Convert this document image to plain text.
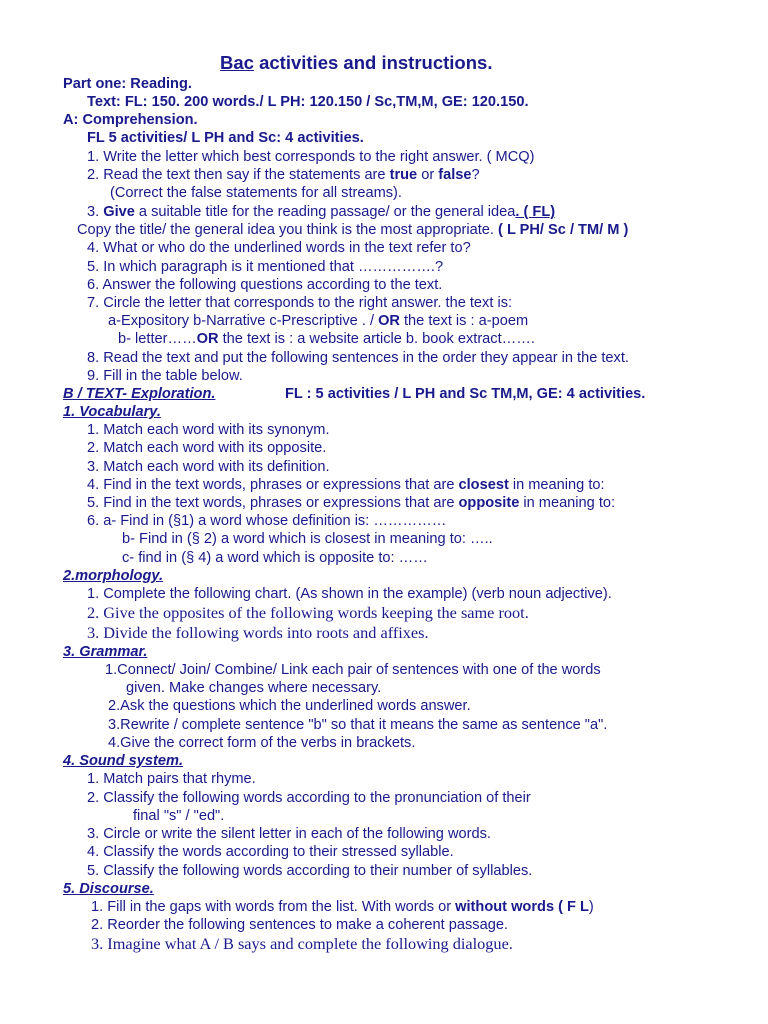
Bac activities and instructions.
Part one: Reading.
Text: FL: 150. 200 words./ L PH: 120.150 / Sc,TM,M, GE: 120.150.
A: Comprehension.
FL 5 activities/ L PH and Sc: 4 activities.
1. Write the letter which best corresponds to the right answer. ( MCQ)
2. Read the text then say if the statements are true or false?
(Correct the false statements for all streams).
3. Give a suitable title for the reading passage/ or the general idea. ( FL)
Copy the title/ the general idea you think is the most appropriate. ( L PH/ Sc / TM/ M )
4. What or who do the underlined words in the text refer to?
5. In which paragraph is it mentioned that …………….?
6. Answer the following questions according to the text.
7. Circle the letter that corresponds to the right answer. the text is:
a-Expository b-Narrative c-Prescriptive . / OR the text is : a-poem
b- letter……OR the text is : a website article b. book extract…….
8. Read the text and put the following sentences in the order they appear in the text.
9. Fill in the table below.
B / TEXT- Exploration.	FL : 5 activities / L PH and Sc TM,M, GE: 4 activities.
1. Vocabulary.
1. Match each word with its synonym.
2. Match each word with its opposite.
3. Match each word with its definition.
4. Find in the text words, phrases or expressions that are closest in meaning to:
5. Find in the text words, phrases or expressions that are opposite in meaning to:
6. a- Find in (§1) a word whose definition is: ……………
b- Find in (§ 2) a word which is closest in meaning to: …..
c- find in (§ 4) a word which is opposite to: ……
2.morphology.
1. Complete the following chart. (As shown in the example) (verb noun adjective).
2. Give the opposites of the following words keeping the same root.
3. Divide the following words into roots and affixes.
3. Grammar.
1.Connect/ Join/ Combine/ Link each pair of sentences with one of the words
given. Make changes where necessary.
2.Ask the questions which the underlined words answer.
3.Rewrite / complete sentence "b" so that it means the same as sentence "a".
4.Give the correct form of the verbs in brackets.
4. Sound system.
1. Match pairs that rhyme.
2. Classify the following words according to the pronunciation of their
final "s" / "ed".
3. Circle or write the silent letter in each of the following words.
4. Classify the words according to their stressed syllable.
5. Classify the following words according to their number of syllables.
5. Discourse.
1. Fill in the gaps with words from the list. With words or without words ( F L)
2. Reorder the following sentences to make a coherent passage.
3. Imagine what A / B says and complete the following dialogue.
